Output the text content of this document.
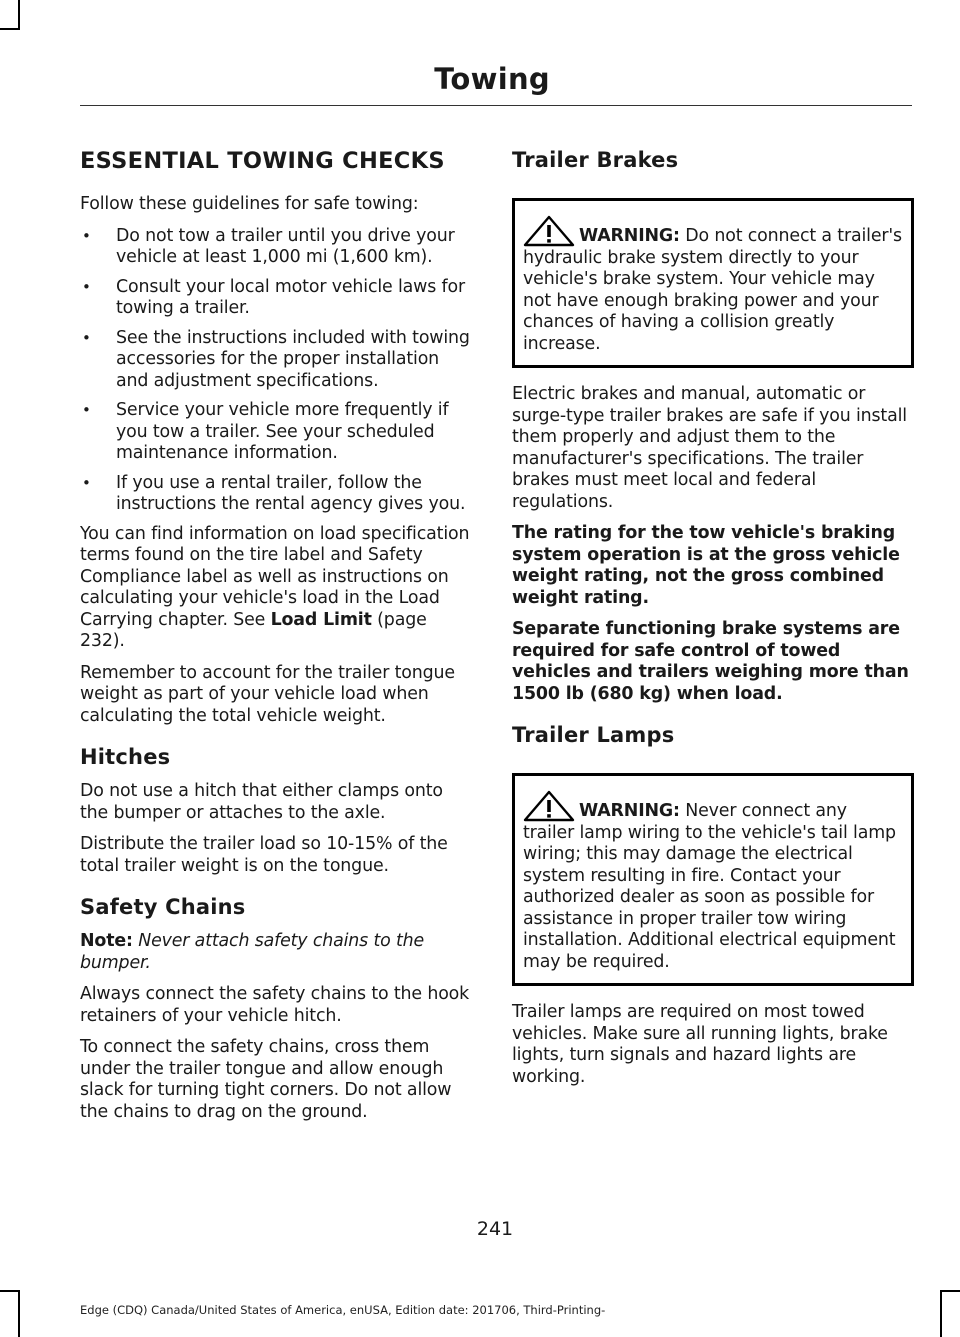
Towing
ESSENTIAL TOWING CHECKS

Follow these guidelines for safe towing:

• Do not tow a trailer until you drive your vehicle at least 1,000 mi (1,600 km).
• Consult your local motor vehicle laws for towing a trailer.
• See the instructions included with towing accessories for the proper installation and adjustment specifications.
• Service your vehicle more frequently if you tow a trailer. See your scheduled maintenance information.
• If you use a rental trailer, follow the instructions the rental agency gives you.

You can find information on load specification terms found on the tire label and Safety Compliance label as well as instructions on calculating your vehicle's load in the Load Carrying chapter. See Load Limit (page 232).

Remember to account for the trailer tongue weight as part of your vehicle load when calculating the total vehicle weight.

Hitches

Do not use a hitch that either clamps onto the bumper or attaches to the axle.

Distribute the trailer load so 10-15% of the total trailer weight is on the tongue.

Safety Chains

Note: Never attach safety chains to the bumper.

Always connect the safety chains to the hook retainers of your vehicle hitch.

To connect the safety chains, cross them under the trailer tongue and allow enough slack for turning tight corners. Do not allow the chains to drag on the ground.

Trailer Brakes

WARNING: Do not connect a trailer's hydraulic brake system directly to your vehicle's brake system. Your vehicle may not have enough braking power and your chances of having a collision greatly increase.

Electric brakes and manual, automatic or surge-type trailer brakes are safe if you install them properly and adjust them to the manufacturer's specifications. The trailer brakes must meet local and federal regulations.

The rating for the tow vehicle's braking system operation is at the gross vehicle weight rating, not the gross combined weight rating.

Separate functioning brake systems are required for safe control of towed vehicles and trailers weighing more than 1500 lb (680 kg) when load.

Trailer Lamps

WARNING: Never connect any trailer lamp wiring to the vehicle's tail lamp wiring; this may damage the electrical system resulting in fire. Contact your authorized dealer as soon as possible for assistance in proper trailer tow wiring installation. Additional electrical equipment may be required.

Trailer lamps are required on most towed vehicles. Make sure all running lights, brake lights, turn signals and hazard lights are working.

241
Edge (CDQ) Canada/United States of America, enUSA, Edition date: 201706, Third-Printing-
